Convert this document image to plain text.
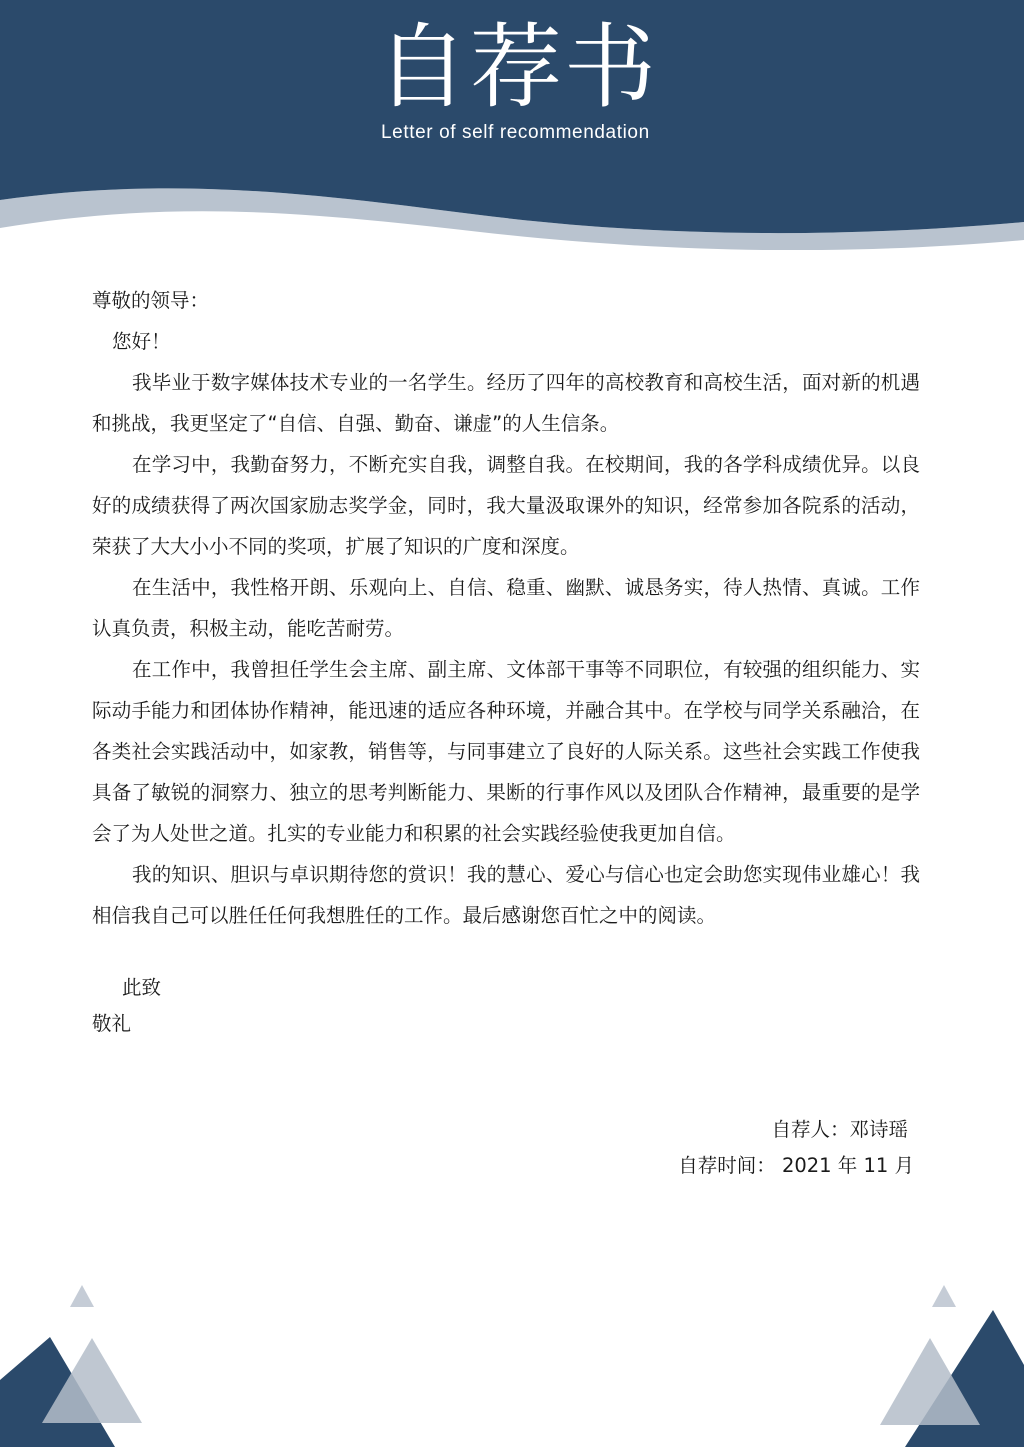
自荐书
Letter of self recommendation

尊敬的领导：

您好！

我毕业于数字媒体技术专业的一名学生。经历了四年的高校教育和高校生活，面对新的机遇和挑战，我更坚定了“自信、自强、勤奋、谦虚”的人生信条。

在学习中，我勤奋努力，不断充实自我，调整自我。在校期间，我的各学科成绩优异。以良好的成绩获得了两次国家励志奖学金，同时，我大量汲取课外的知识，经常参加各院系的活动，荣获了大大小小不同的奖项，扩展了知识的广度和深度。

在生活中，我性格开朗、乐观向上、自信、稳重、幽默、诚恳务实，待人热情、真诚。工作认真负责，积极主动，能吃苦耐劳。

在工作中，我曾担任学生会主席、副主席、文体部干事等不同职位，有较强的组织能力、实际动手能力和团体协作精神，能迅速的适应各种环境，并融合其中。在学校与同学关系融洽，在各类社会实践活动中，如家教，销售等，与同事建立了良好的人际关系。这些社会实践工作使我具备了敏锐的洞察力、独立的思考判断能力、果断的行事作风以及团队合作精神，最重要的是学会了为人处世之道。扎实的专业能力和积累的社会实践经验使我更加自信。

我的知识、胆识与卓识期待您的赏识！我的慧心、爱心与信心也定会助您实现伟业雄心！我相信我自己可以胜任任何我想胜任的工作。最后感谢您百忙之中的阅读。

此致
敬礼
自荐人：邓诗瑶
自荐时间： 2021 年 11 月
